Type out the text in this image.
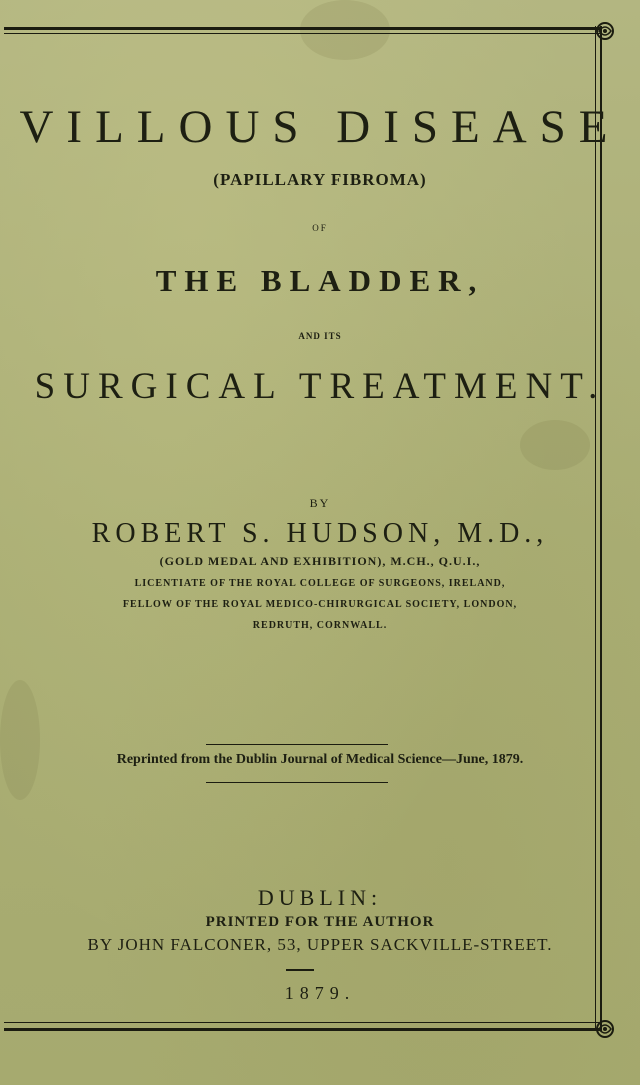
VILLOUS DISEASE
(PAPILLARY FIBROMA)
OF
THE BLADDER,
AND ITS
SURGICAL TREATMENT.
BY
ROBERT S. HUDSON, M.D.,
(GOLD MEDAL AND EXHIBITION), M.CH., Q.U.I.,
LICENTIATE OF THE ROYAL COLLEGE OF SURGEONS, IRELAND,
FELLOW OF THE ROYAL MEDICO-CHIRURGICAL SOCIETY, LONDON,
REDRUTH, CORNWALL.
Reprinted from the Dublin Journal of Medical Science—June, 1879.
DUBLIN:
PRINTED FOR THE AUTHOR
BY JOHN FALCONER, 53, UPPER SACKVILLE-STREET.
1879.
